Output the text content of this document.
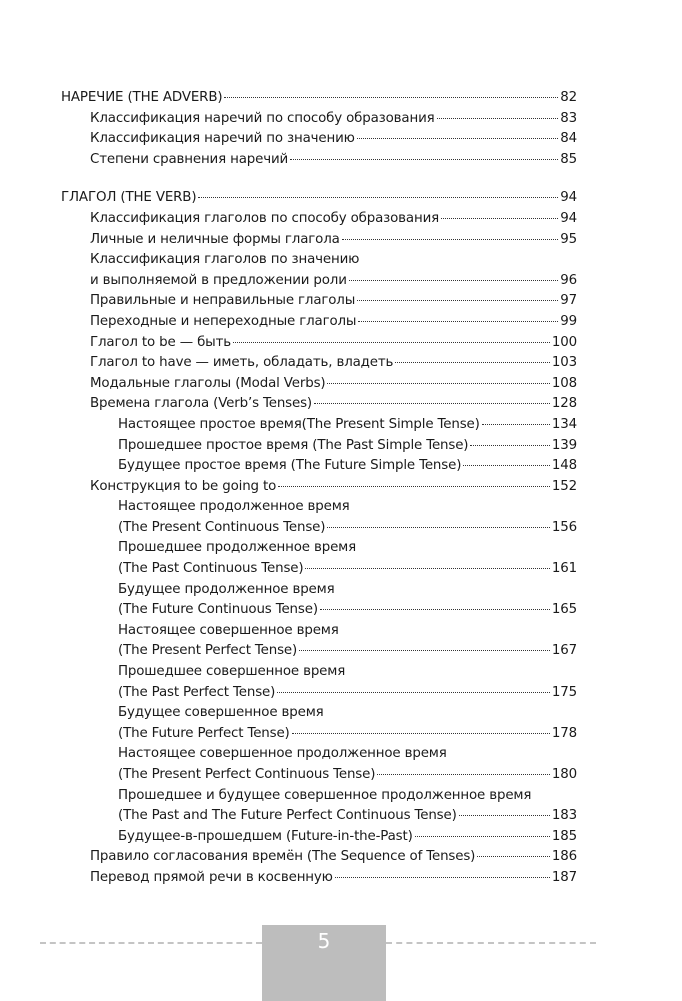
НАРЕЧИЕ (THE ADVERB)	82
Классификация наречий по способу образования	83
Классификация наречий по значению	84
Степени сравнения наречий	85
ГЛАГОЛ (THE VERB)	94
Классификация глаголов по способу образования	94
Личные и неличные формы глагола	95
Классификация глаголов по значению
и выполняемой в предложении роли	96
Правильные и неправильные глаголы	97
Переходные и непереходные глаголы	99
Глагол to be — быть	100
Глагол to have — иметь, обладать, владеть	103
Модальные глаголы (Modal Verbs)	108
Времена глагола (Verb’s Tenses)	128
Настоящее простое время(The Present Simple Tense)	134
Прошедшее простое время (The Past Simple Tense)	139
Будущее простое время (The Future Simple Tense)	148
Конструкция to be going to	152
Настоящее продолженное время
(The Present Continuous Tense)	156
Прошедшее продолженное время
(The Past Continuous Tense)	161
Будущее продолженное время
(The Future Continuous Tense)	165
Настоящее совершенное время
(The Present Perfect Tense)	167
Прошедшее совершенное время
(The Past Perfect Tense)	175
Будущее совершенное время
(The Future Perfect Tense)	178
Настоящее совершенное продолженное время
(The Present Perfect Continuous Tense)	180
Прошедшее и будущее совершенное продолженное время
(The Past and The Future Perfect Continuous Tense)	183
Будущее-в-прошедшем (Future-in-the-Past)	185
Правило согласования времён (The Sequence of Tenses)	186
Перевод прямой речи в косвенную	187
5
